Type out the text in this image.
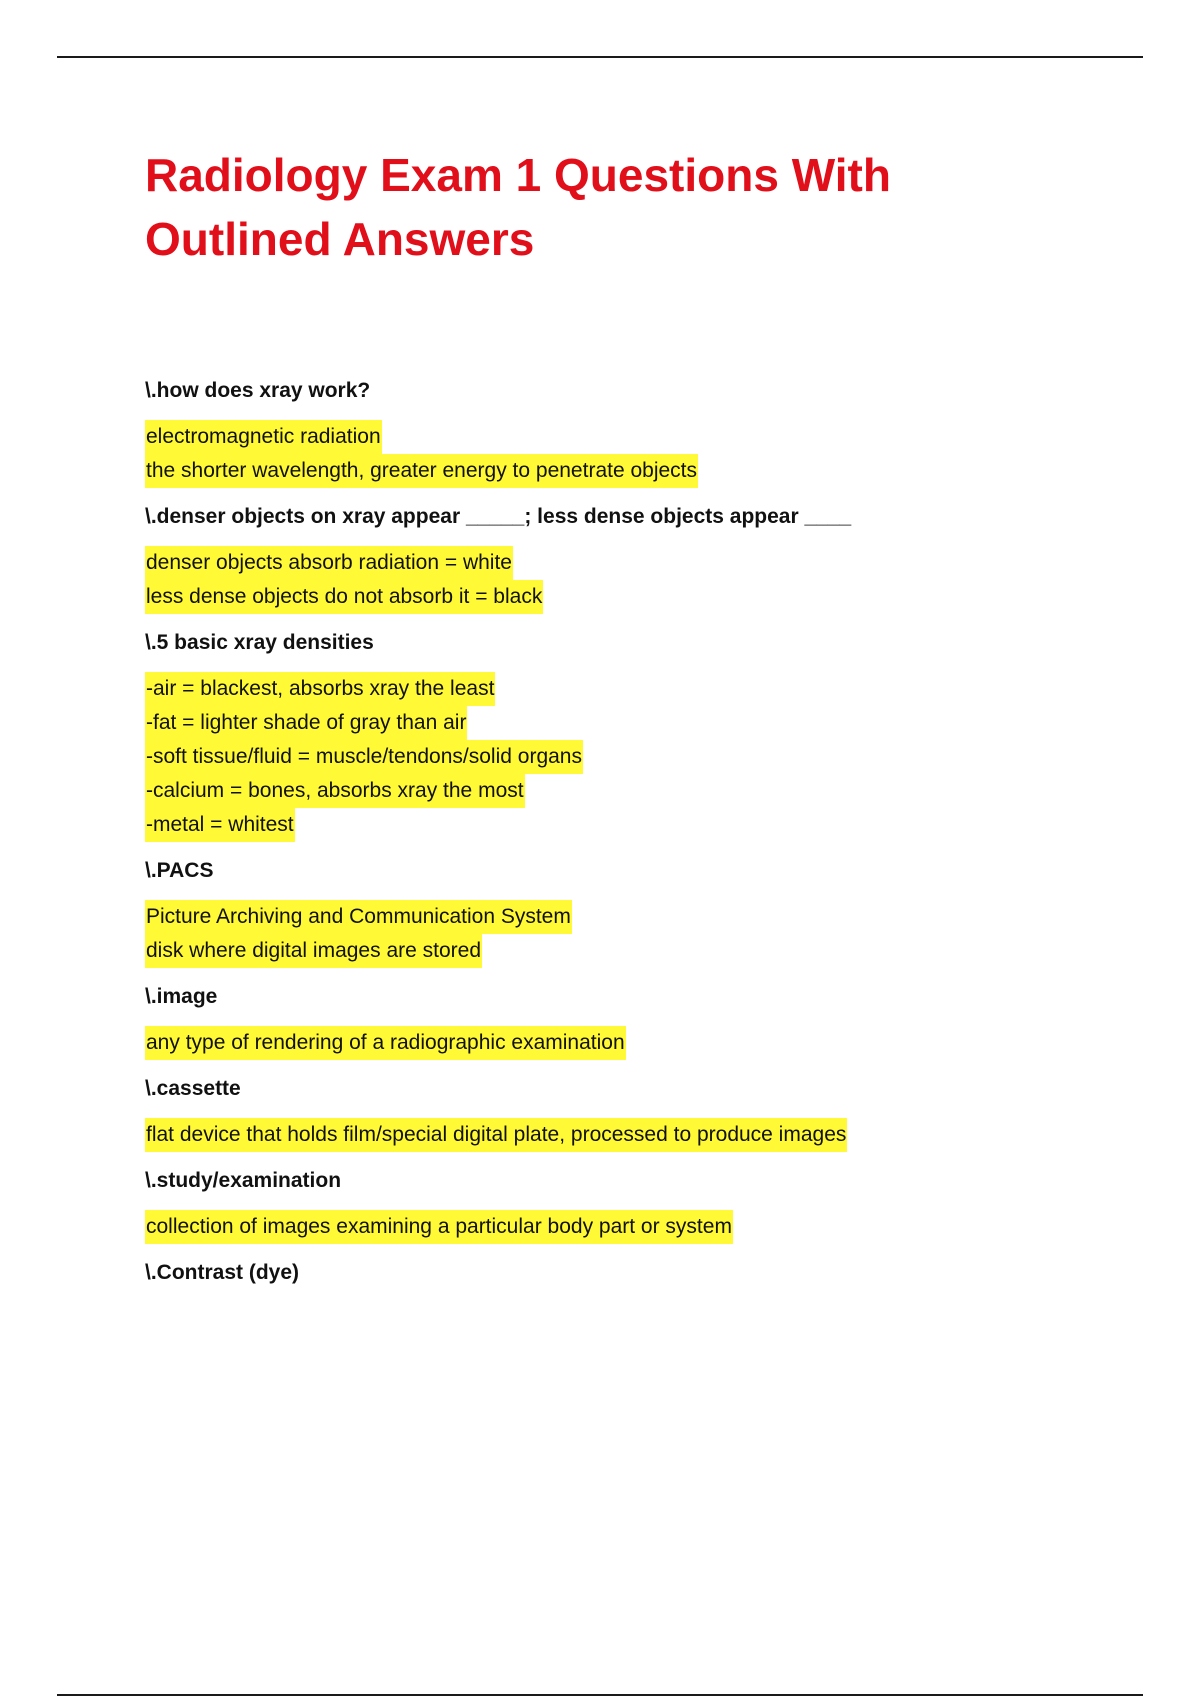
Radiology Exam 1 Questions With
Outlined Answers
\.how does xray work?
electromagnetic radiation
the shorter wavelength, greater energy to penetrate objects
\.denser objects on xray appear _____; less dense objects appear ____
denser objects absorb radiation = white
less dense objects do not absorb it = black
\.5 basic xray densities
-air = blackest, absorbs xray the least
-fat = lighter shade of gray than air
-soft tissue/fluid = muscle/tendons/solid organs
-calcium = bones, absorbs xray the most
-metal = whitest
\.PACS
Picture Archiving and Communication System
disk where digital images are stored
\.image
any type of rendering of a radiographic examination
\.cassette
flat device that holds film/special digital plate, processed to produce images
\.study/examination
collection of images examining a particular body part or system
\.Contrast (dye)
